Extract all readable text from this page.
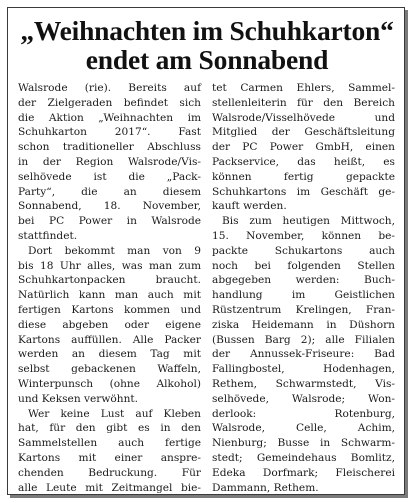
„Weihnachten im Schuhkarton“
endet am Sonnabend

Walsrode (rie). Bereits auf
der Zielgeraden befindet sich
die Aktion „Weihnachten im
Schuhkarton 2017“. Fast
schon traditioneller Abschluss
in der Region Walsrode/Vis-
selhövede ist die „Pack-
Party“, die an diesem
Sonnabend, 18. November,
bei PC Power in Walsrode
stattfindet.

Dort bekommt man von 9
bis 18 Uhr alles, was man zum
Schuhkartonpacken braucht.
Natürlich kann man auch mit
fertigen Kartons kommen und
diese abgeben oder eigene
Kartons auffüllen. Alle Packer
werden an diesem Tag mit
selbst gebackenen Waffeln,
Winterpunsch (ohne Alkohol)
und Keksen verwöhnt.

Wer keine Lust auf Kleben
hat, für den gibt es in den
Sammelstellen auch fertige
Kartons mit einer anspre-
chenden Bedruckung. Für
alle Leute mit Zeitmangel bie-

tet Carmen Ehlers, Sammel-
stellenleiterin für den Bereich
Walsrode/Visselhövede und
Mitglied der Geschäftsleitung
der PC Power GmbH, einen
Packservice, das heißt, es
können fertig gepackte
Schuhkartons im Geschäft ge-
kauft werden.

Bis zum heutigen Mittwoch,
15. November, können be-
packte Schukartons auch
noch bei folgenden Stellen
abgegeben werden: Buch-
handlung im Geistlichen
Rüstzentrum Krelingen, Fran-
ziska Heidemann in Düshorn
(Bussen Barg 2); alle Filialen
der Annussek-Friseure: Bad
Fallingbostel, Hodenhagen,
Rethem, Schwarmstedt, Vis-
selhövede, Walsrode; Won-
derlook: Rotenburg,
Walsrode, Celle, Achim,
Nienburg; Busse in Schwarm-
stedt; Gemeindehaus Bomlitz,
Edeka Dorfmark; Fleischerei
Dammann, Rethem.
